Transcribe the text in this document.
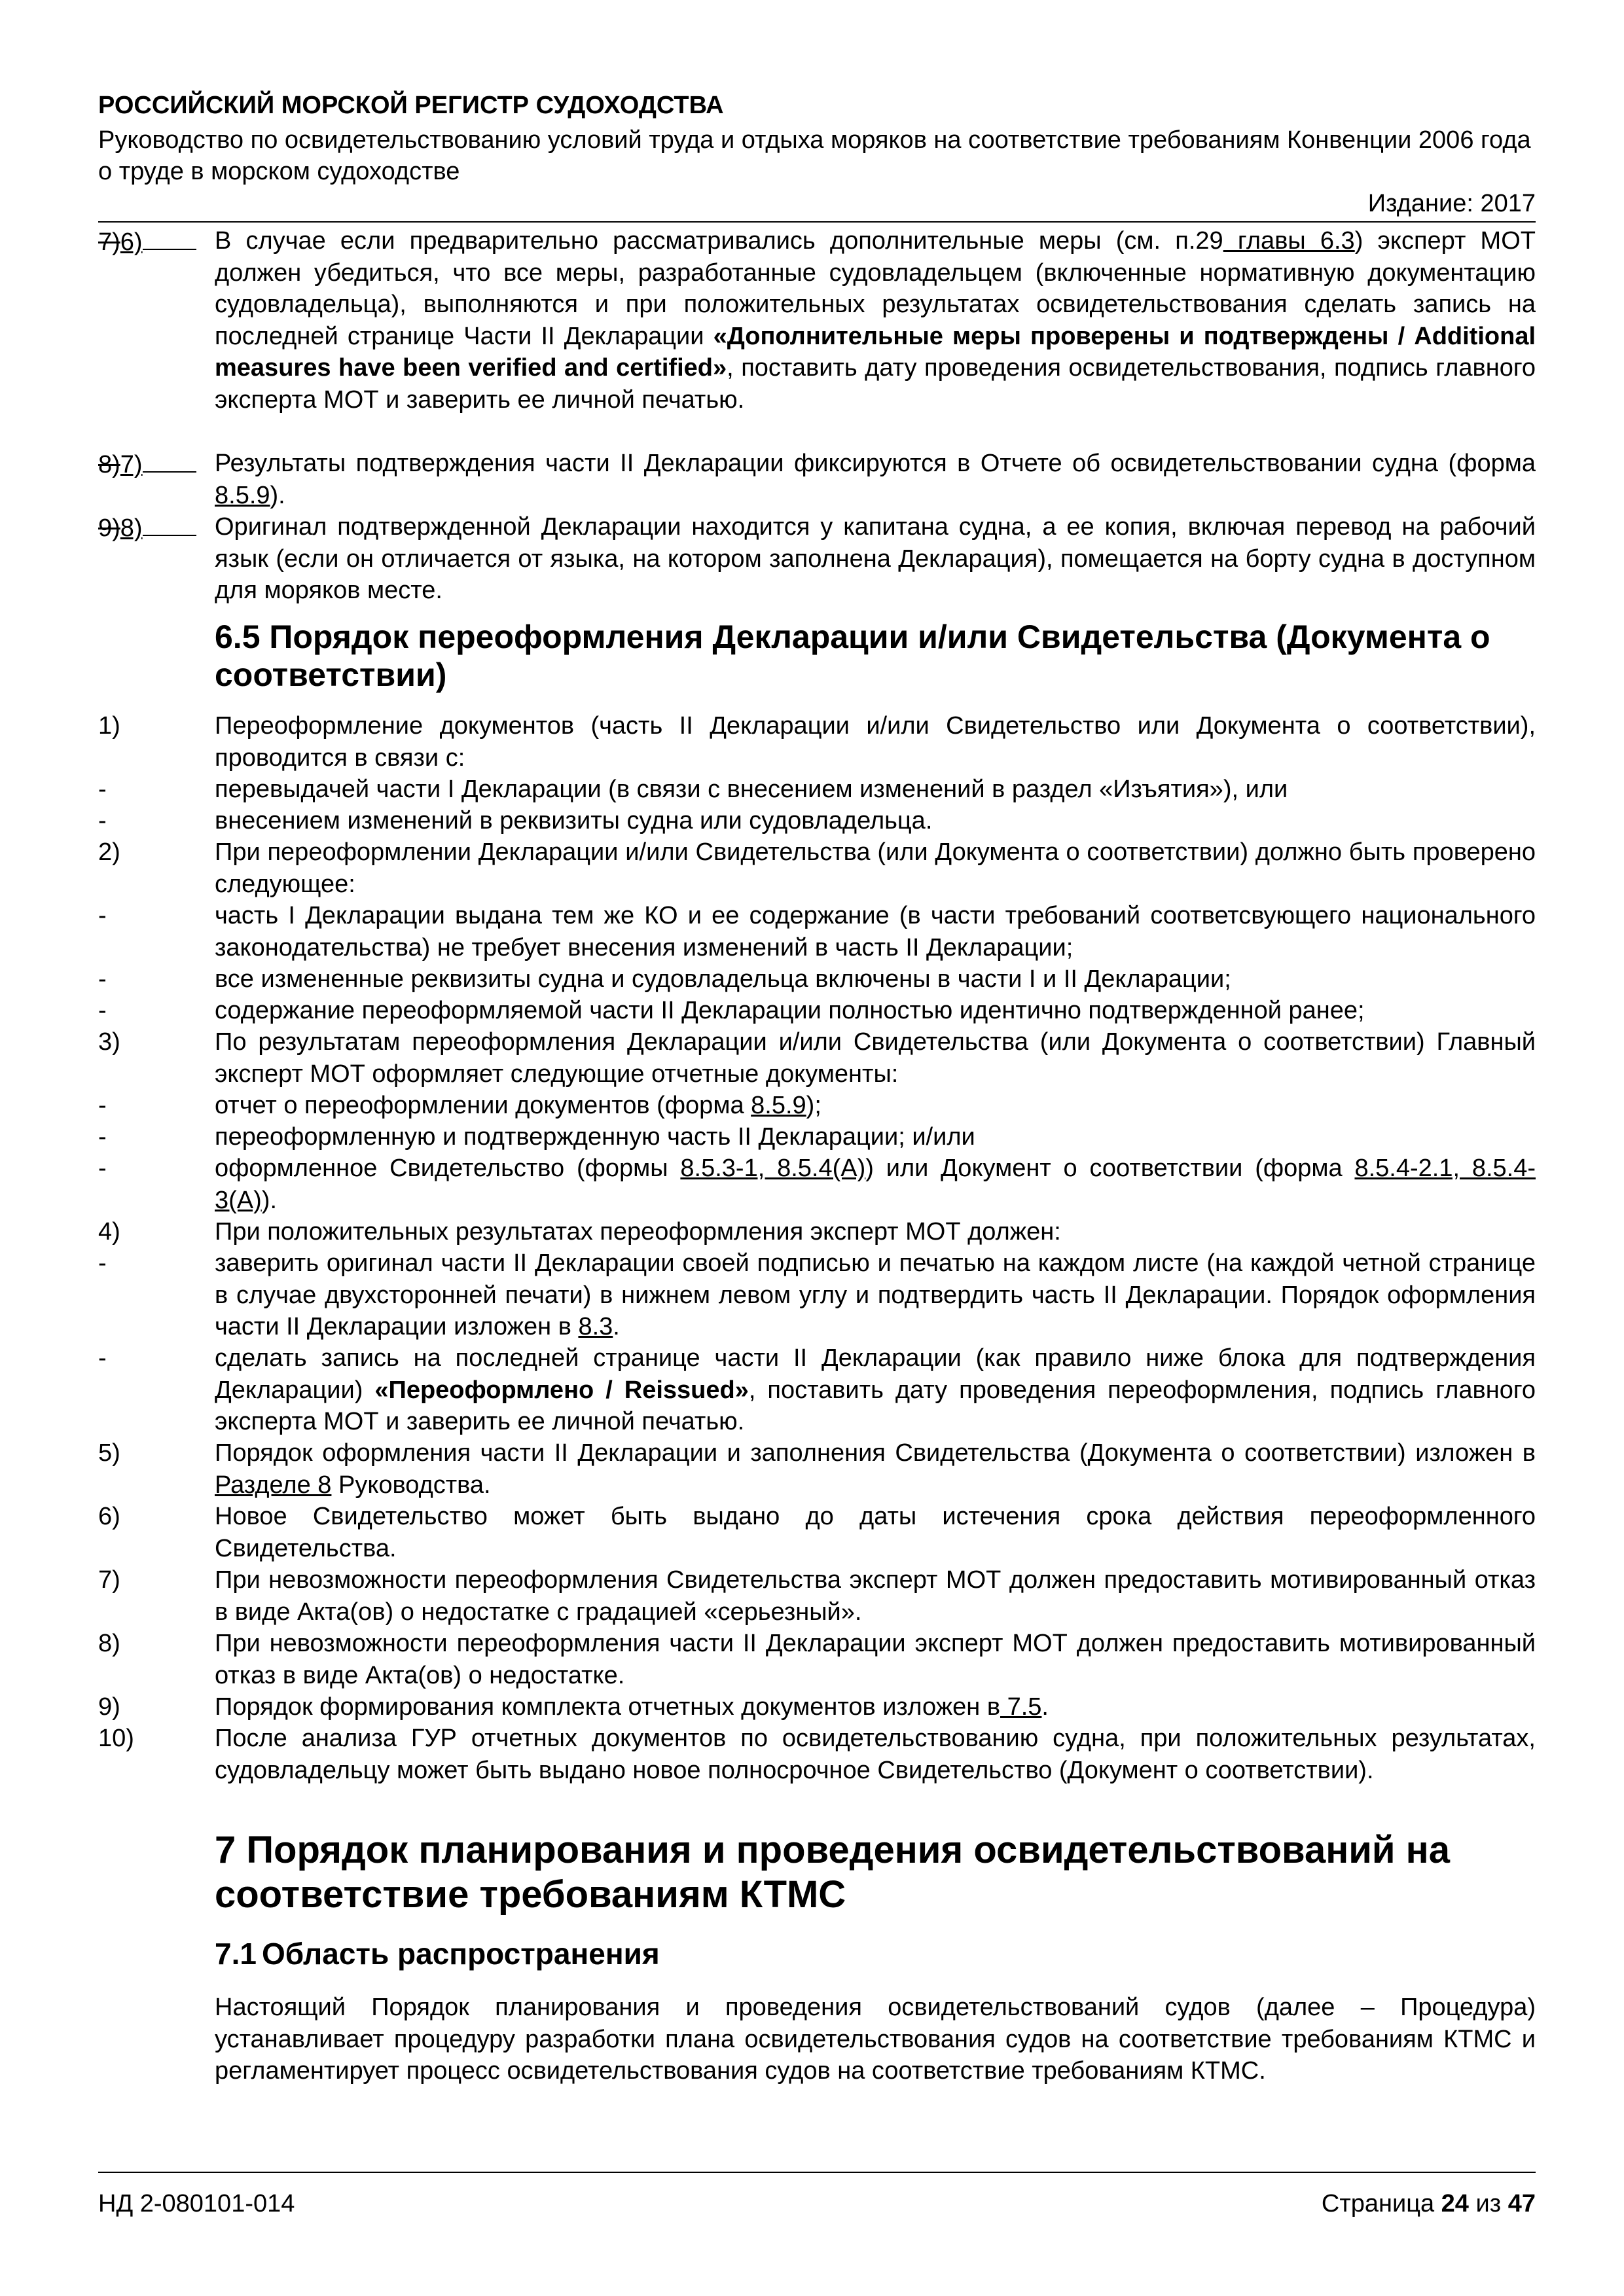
РОССИЙСКИЙ МОРСКОЙ РЕГИСТР СУДОХОДСТВА
Руководство по освидетельствованию условий труда и отдыха моряков на соответствие требованиям Конвенции 2006 года о труде в морском судоходстве
Издание: 2017
7)6)	В случае если предварительно рассматривались дополнительные меры (см. п.29 главы 6.3) эксперт МОТ должен убедиться, что все меры, разработанные судовладельцем (включенные нормативную документацию судовладельца), выполняются и при положительных результатах освидетельствования сделать запись на последней странице Части II Декларации «Дополнительные меры проверены и подтверждены / Additional measures have been verified and certified», поставить дату проведения освидетельствования, подпись главного эксперта МОТ и заверить ее личной печатью.
8)7)	Результаты подтверждения части II Декларации фиксируются в Отчете об освидетельствовании судна (форма 8.5.9).
9)8)	Оригинал подтвержденной Декларации находится у капитана судна, а ее копия, включая перевод на рабочий язык (если он отличается от языка, на котором заполнена Декларация), помещается на борту судна в доступном для моряков месте.
6.5 Порядок переоформления Декларации и/или Свидетельства (Документа о соответствии)
1)	Переоформление документов (часть II Декларации и/или Свидетельство или Документа о соответствии), проводится в связи с:
-	перевыдачей части I Декларации (в связи с внесением изменений в раздел «Изъятия»), или
-	внесением изменений в реквизиты судна или судовладельца.
2)	При переоформлении Декларации и/или Свидетельства (или Документа о соответствии) должно быть проверено следующее:
-	часть I Декларации выдана тем же КО и ее содержание (в части требований соответсвующего национального законодательства) не требует внесения изменений в часть II Декларации;
-	все измененные реквизиты судна и судовладельца включены в части I и II Декларации;
-	содержание переоформляемой части II Декларации полностью идентично подтвержденной ранее;
3)	По результатам переоформления Декларации и/или Свидетельства (или Документа о соответствии) Главный эксперт МОТ оформляет следующие отчетные документы:
-	отчет о переоформлении документов (форма 8.5.9);
-	переоформленную и подтвержденную часть II Декларации; и/или
-	оформленное Свидетельство (формы 8.5.3-1, 8.5.4(А)) или Документ о соответствии (форма 8.5.4-2.1, 8.5.4-3(А)).
4)	При положительных результатах переоформления эксперт МОТ должен:
-	заверить оригинал части II Декларации своей подписью и печатью на каждом листе (на каждой четной странице в случае двухсторонней печати) в нижнем левом углу и подтвердить часть II Декларации. Порядок оформления части II Декларации изложен в 8.3.
-	сделать запись на последней странице части II Декларации (как правило ниже блока для подтверждения Декларации) «Переоформлено / Reissued», поставить дату проведения переоформления, подпись главного эксперта МОТ и заверить ее личной печатью.
5)	Порядок оформления части II Декларации и заполнения Свидетельства (Документа о соответствии) изложен в Разделе 8 Руководства.
6)	Новое Свидетельство может быть выдано до даты истечения срока действия переоформленного Свидетельства.
7)	При невозможности переоформления Свидетельства эксперт МОТ должен предоставить мотивированный отказ в виде Акта(ов) о недостатке с градацией «серьезный».
8)	При невозможности переоформления части II Декларации эксперт МОТ должен предоставить мотивированный отказ в виде Акта(ов) о недостатке.
9)	Порядок формирования комплекта отчетных документов изложен в 7.5.
10)	После анализа ГУР отчетных документов по освидетельствованию судна, при положительных результатах, судовладельцу может быть выдано новое полносрочное Свидетельство (Документ о соответствии).
7 Порядок планирования и проведения освидетельствований на соответствие требованиям КТМС
7.1 Область распространения
Настоящий Порядок планирования и проведения освидетельствований судов (далее – Процедура) устанавливает процедуру разработки плана освидетельствования судов на соответствие требованиям КТМС и регламентирует процесс освидетельствования судов на соответствие требованиям КТМС.
НД 2-080101-014	Страница 24 из 47
